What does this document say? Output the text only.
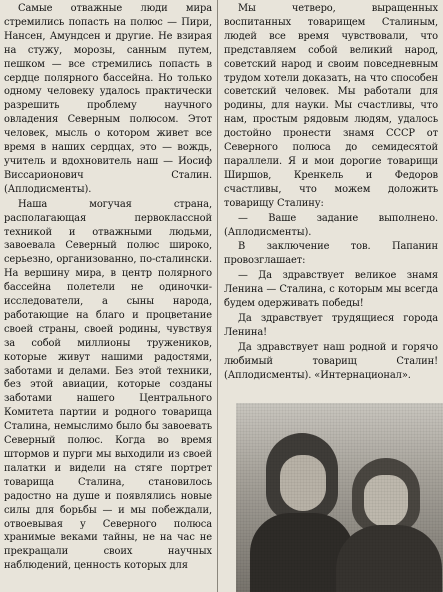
Самые отважные люди мира стремились попасть на полюс — Пири, Нансен, Амундсен и другие. Не взирая на стужу, морозы, санным путем, пешком — все стремились попасть в сердце полярного бассейна. Но только одному человеку удалось практически разрешить проблему научного овладения Северным полюсом. Этот человек, мысль о котором живет все время в наших сердцах, это — вождь, учитель и вдохновитель наш — Иосиф Виссарионович Сталин. (Аплодисменты).

Наша могучая страна, располагающая первоклассной техникой и отважными людьми, завоевала Северный полюс широко, серьезно, организованно, по-сталински. На вершину мира, в центр полярного бассейна полетели не одиночки-исследователи, а сыны народа, работающие на благо и процветание своей страны, своей родины, чувствуя за собой миллионы тружеников, которые живут нашими радостями, заботами и делами. Без этой техники, без этой авиации, которые созданы заботами нашего Центрального Комитета партии и родного товарища Сталина, немыслимо было бы завоевать Северный полюс. Когда во время штормов и пурги мы выходили из своей палатки и видели на стяге портрет товарища Сталина, становилось радостно на душе и появлялись новые силы для борьбы — и мы побеждали, отвоевывая у Северного полюса хранимые веками тайны, не на час не прекращали своих научных наблюдений, ценность которых для

Мы четверо, выращенных воспитанных товарищем Сталиным, людей все время чувствовали, что представляем собой великий народ, советский народ и своим повседневным трудом хотели доказать, на что способен советский человек. Мы работали для родины, для науки. Мы счастливы, что нам, простым рядовым людям, удалось достойно пронести знамя СССР от Северного полюса до семидесятой параллели. Я и мои дорогие товарищи Ширшов, Кренкель и Федоров счастливы, что можем доложить товарищу Сталину:

— Ваше задание выполнено. (Аплодисменты).

В заключение тов. Папанин провозглашает:

— Да здравствует великое знамя Ленина — Сталина, с которым мы всегда будем одерживать победы!

Да здравствует трудящиеся города Ленина!

Да здравствует наш родной и горячо любимый товарищ Сталин! (Аплодисменты). «Интернационал».
